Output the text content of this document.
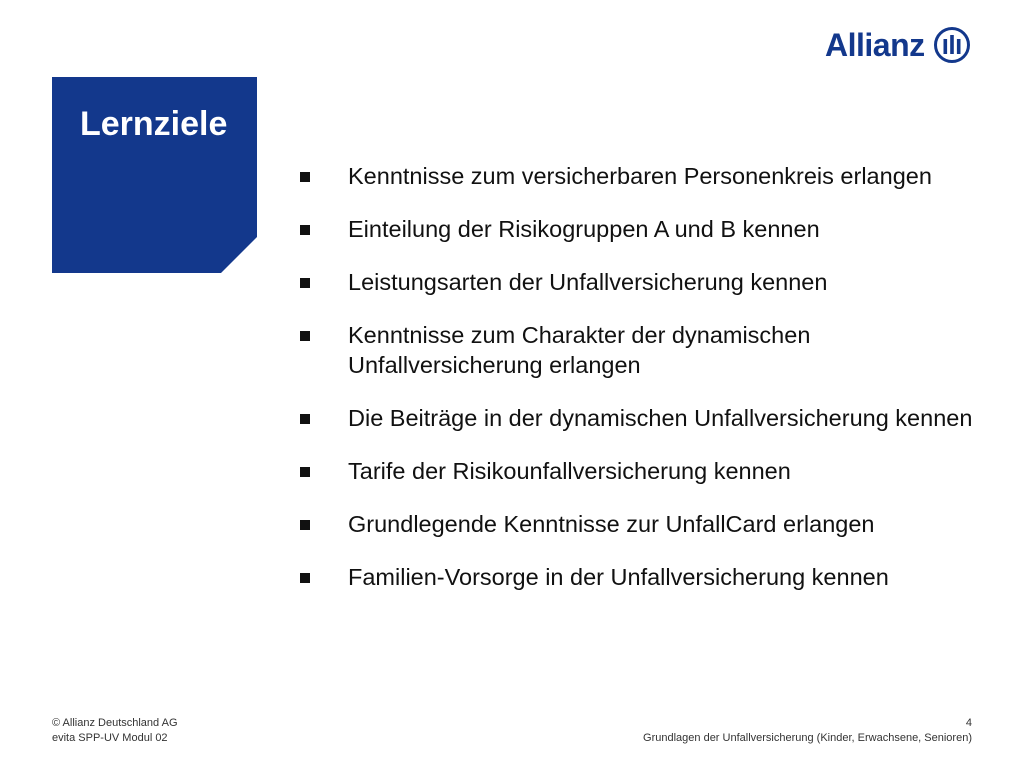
Allianz
Lernziele
Kenntnisse zum versicherbaren Personenkreis erlangen
Einteilung der Risikogruppen A und B kennen
Leistungsarten der Unfallversicherung kennen
Kenntnisse zum Charakter der dynamischen Unfallversicherung erlangen
Die Beiträge in der dynamischen Unfallversicherung kennen
Tarife der Risikounfallversicherung kennen
Grundlegende Kenntnisse zur UnfallCard erlangen
Familien-Vorsorge in der Unfallversicherung kennen
© Allianz Deutschland AG
evita SPP-UV Modul 02
4
Grundlagen der Unfallversicherung (Kinder, Erwachsene, Senioren)
